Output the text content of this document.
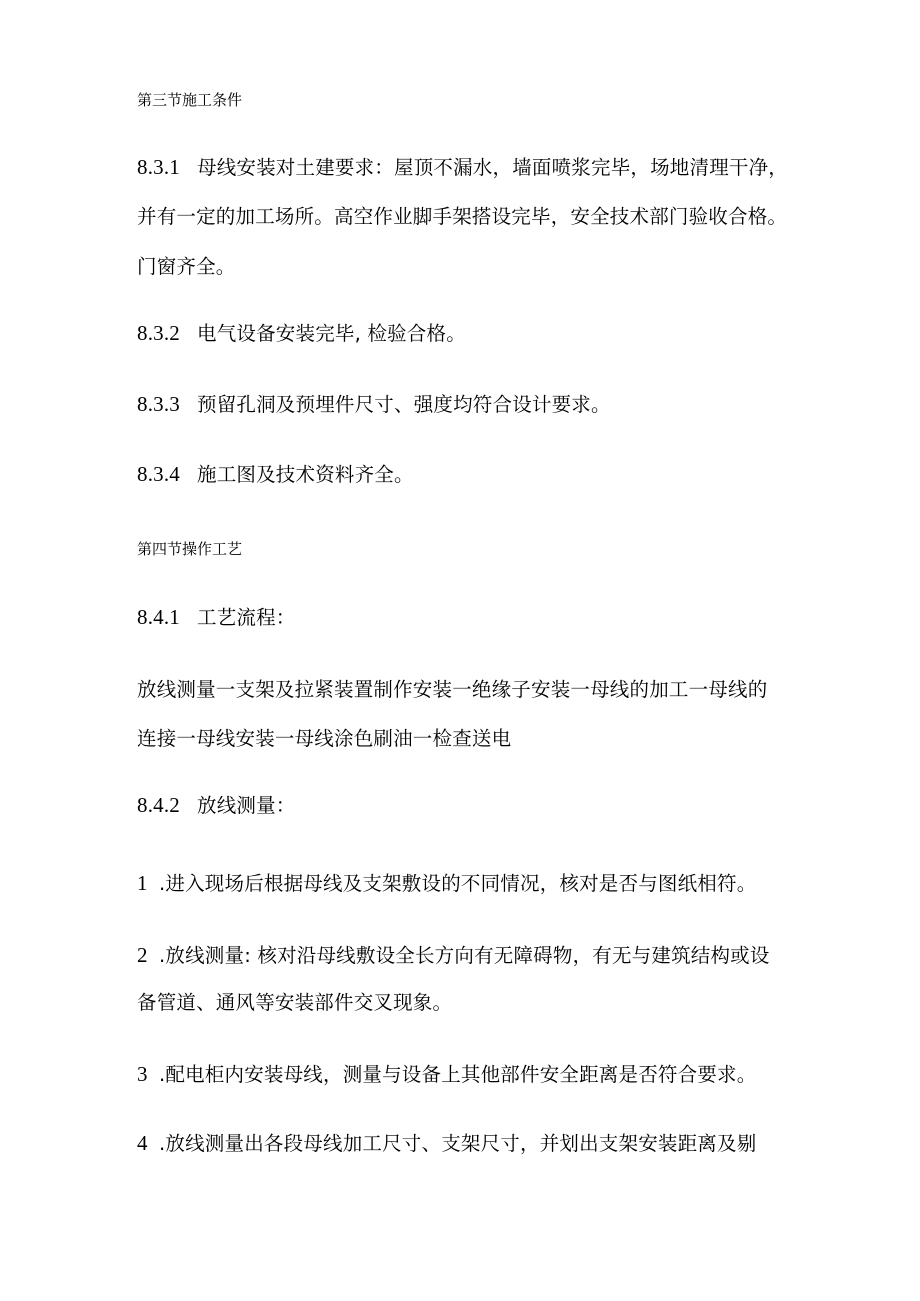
第三节施工条件
8.3.1 母线安装对土建要求：屋顶不漏水，墙面喷浆完毕，场地清理干净，
并有一定的加工场所。高空作业脚手架搭设完毕，安全技术部门验收合格。
门窗齐全。
8.3.2 电气设备安装完毕, 检验合格。
8.3.3 预留孔洞及预埋件尺寸、强度均符合设计要求。
8.3.4 施工图及技术资料齐全。
第四节操作工艺
8.4.1 工艺流程：
放线测量一支架及拉紧装置制作安装一绝缘子安装一母线的加工一母线的
连接一母线安装一母线涂色刷油一检查送电
8.4.2 放线测量：
1 .进入现场后根据母线及支架敷设的不同情况，核对是否与图纸相符。
2 .放线测量: 核对沿母线敷设全长方向有无障碍物，有无与建筑结构或设
备管道、通风等安装部件交叉现象。
3 .配电柜内安装母线，测量与设备上其他部件安全距离是否符合要求。
4 .放线测量出各段母线加工尺寸、支架尺寸，并划出支架安装距离及剔
